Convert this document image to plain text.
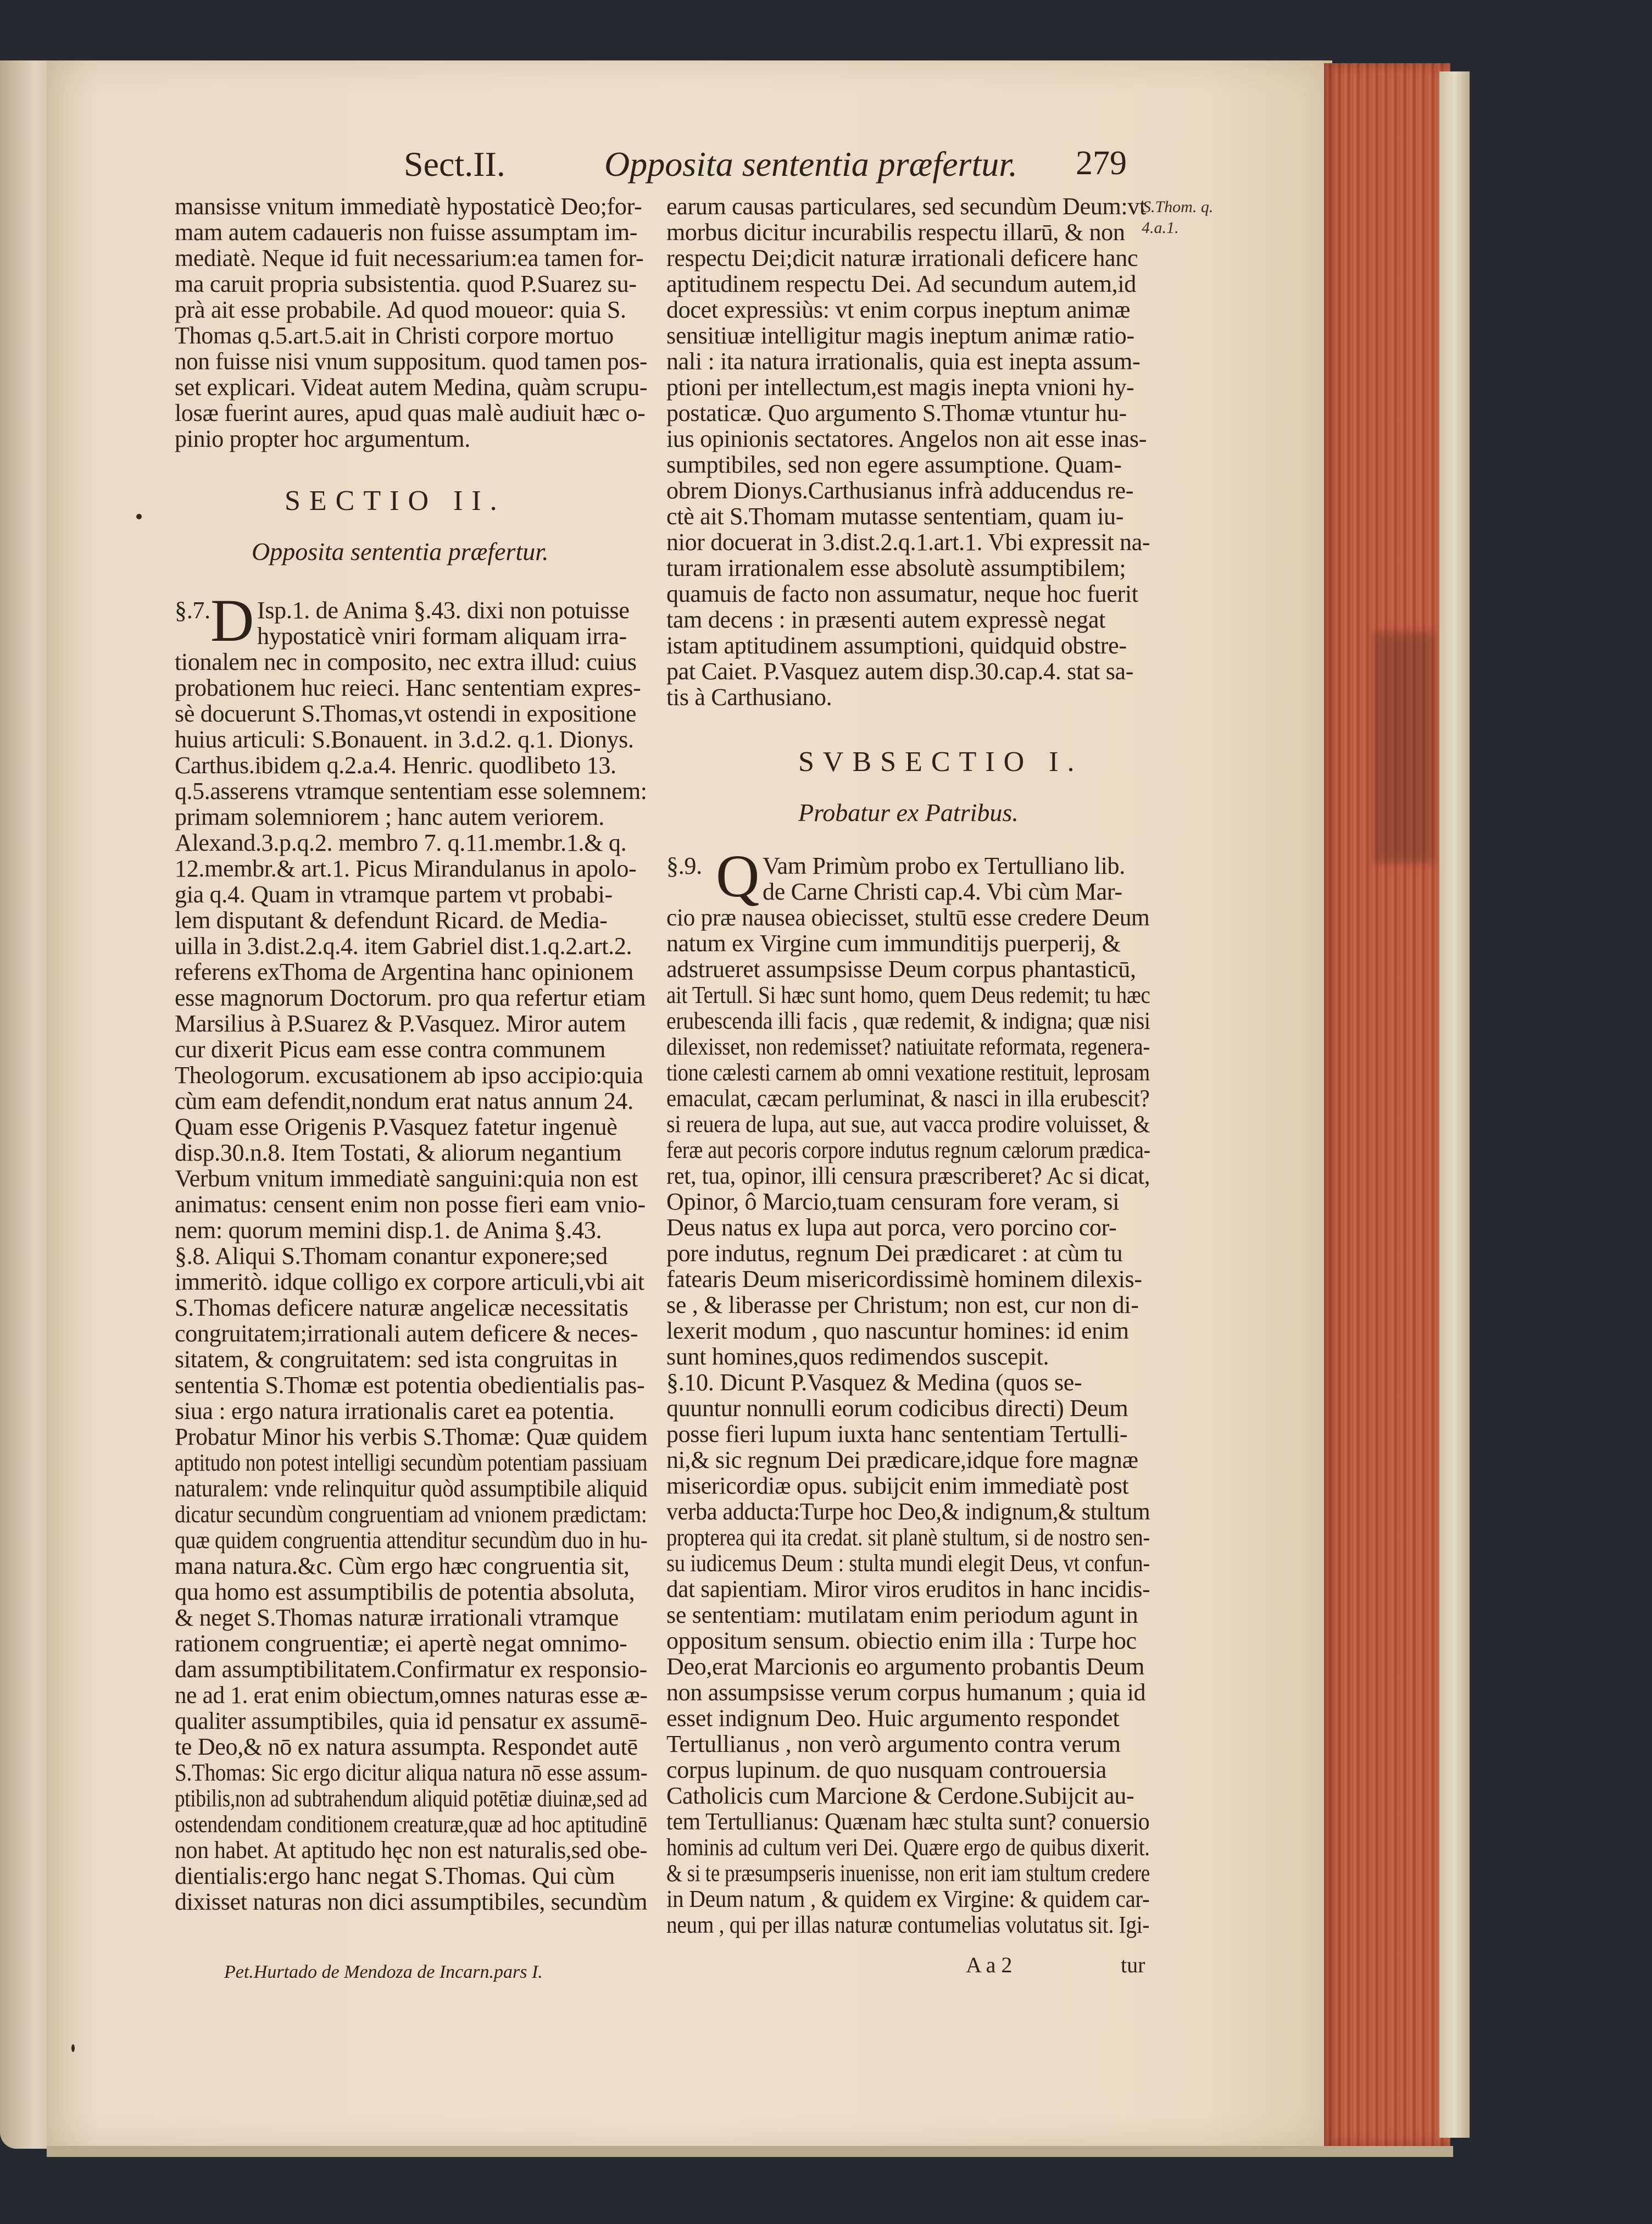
Sect.II.	Opposita sententia præfertur. 279
S.Thom. q.
4.a.1.
mansisse vnitum immediatè hypostaticè Deo;for-
mam autem cadaueris non fuisse assumptam im-
mediatè. Neque id fuit necessarium:ea tamen for-
ma caruit propria subsistentia. quod P.Suarez su-
prà ait esse probabile. Ad quod moueor: quia S.
Thomas q.5.art.5.ait in Christi corpore mortuo
non fuisse nisi vnum suppositum. quod tamen pos-
set explicari. Videat autem Medina, quàm scrupu-
losæ fuerint aures, apud quas malè audiuit hæc o-
pinio propter hoc argumentum.
SECTIO II.
Opposita sententia præfertur.
§.7. D Isp.1. de Anima §.43. dixi non potuisse
hypostaticè vniri formam aliquam irra-
tionalem nec in composito, nec extra illud: cuius
probationem huc reieci. Hanc sententiam expres-
sè docuerunt S.Thomas,vt ostendi in expositione
huius articuli: S.Bonauent. in 3.d.2. q.1. Dionys.
Carthus.ibidem q.2.a.4. Henric. quodlibeto 13.
q.5.asserens vtramque sententiam esse solemnem:
primam solemniorem ; hanc autem veriorem.
Alexand.3.p.q.2. membro 7. q.11.membr.1.& q.
12.membr.& art.1. Picus Mirandulanus in apolo-
gia q.4. Quam in vtramque partem vt probabi-
lem disputant & defendunt Ricard. de Media-
uilla in 3.dist.2.q.4. item Gabriel dist.1.q.2.art.2.
referens exThoma de Argentina hanc opinionem
esse magnorum Doctorum. pro qua refertur etiam
Marsilius à P.Suarez & P.Vasquez. Miror autem
cur dixerit Picus eam esse contra communem
Theologorum. excusationem ab ipso accipio:quia
cùm eam defendit,nondum erat natus annum 24.
Quam esse Origenis P.Vasquez fatetur ingenuè
disp.30.n.8. Item Tostati, & aliorum negantium
Verbum vnitum immediatè sanguini:quia non est
animatus: censent enim non posse fieri eam vnio-
nem: quorum memini disp.1. de Anima §.43.
§.8. Aliqui S.Thomam conantur exponere;sed
immeritò. idque colligo ex corpore articuli,vbi ait
S.Thomas deficere naturæ angelicæ necessitatis
congruitatem;irrationali autem deficere & neces-
sitatem, & congruitatem: sed ista congruitas in
sententia S.Thomæ est potentia obedientialis pas-
siua : ergo natura irrationalis caret ea potentia.
Probatur Minor his verbis S.Thomæ: Quæ quidem
aptitudo non potest intelligi secundùm potentiam passiuam
naturalem: vnde relinquitur quòd assumptibile aliquid
dicatur secundùm congruentiam ad vnionem prædictam:
quæ quidem congruentia attenditur secundùm duo in hu-
mana natura.&c. Cùm ergo hæc congruentia sit,
qua homo est assumptibilis de potentia absoluta,
& neget S.Thomas naturæ irrationali vtramque
rationem congruentiæ; ei apertè negat omnimo-
dam assumptibilitatem.Confirmatur ex responsio-
ne ad 1. erat enim obiectum,omnes naturas esse æ-
qualiter assumptibiles, quia id pensatur ex assumē-
te Deo,& nō ex natura assumpta. Respondet autē
S.Thomas: Sic ergo dicitur aliqua natura nō esse assum-
ptibilis,non ad subtrahendum aliquid potētiæ diuinæ,sed ad
ostendendam conditionem creaturæ,quæ ad hoc aptitudinē
non habet. At aptitudo hęc non est naturalis,sed obe-
dientialis:ergo hanc negat S.Thomas. Qui cùm
dixisset naturas non dici assumptibiles, secundùm
earum causas particulares, sed secundùm Deum:vt
morbus dicitur incurabilis respectu illarū, & non
respectu Dei;dicit naturæ irrationali deficere hanc
aptitudinem respectu Dei. Ad secundum autem,id
docet expressiùs: vt enim corpus ineptum animæ
sensitiuæ intelligitur magis ineptum animæ ratio-
nali : ita natura irrationalis, quia est inepta assum-
ptioni per intellectum,est magis inepta vnioni hy-
postaticæ. Quo argumento S.Thomæ vtuntur hu-
ius opinionis sectatores. Angelos non ait esse inas-
sumptibiles, sed non egere assumptione. Quam-
obrem Dionys.Carthusianus infrà adducendus re-
ctè ait S.Thomam mutasse sententiam, quam iu-
nior docuerat in 3.dist.2.q.1.art.1. Vbi expressit na-
turam irrationalem esse absolutè assumptibilem;
quamuis de facto non assumatur, neque hoc fuerit
tam decens : in præsenti autem expressè negat
istam aptitudinem assumptioni, quidquid obstre-
pat Caiet. P.Vasquez autem disp.30.cap.4. stat sa-
tis à Carthusiano.
SVBSECTIO I.
Probatur ex Patribus.
§.9. Q Vam Primùm probo ex Tertulliano lib.
de Carne Christi cap.4. Vbi cùm Mar-
cio præ nausea obiecisset, stultū esse credere Deum
natum ex Virgine cum immunditijs puerperij, &
adstrueret assumpsisse Deum corpus phantasticū,
ait Tertull. Si hæc sunt homo, quem Deus redemit; tu hæc
erubescenda illi facis , quæ redemit, & indigna; quæ nisi
dilexisset, non redemisset? natiuitate reformata, regenera-
tione cælesti carnem ab omni vexatione restituit, leprosam
emaculat, cæcam perluminat, & nasci in illa erubescit?
si reuera de lupa, aut sue, aut vacca prodire voluisset, &
feræ aut pecoris corpore indutus regnum cælorum prædica-
ret, tua, opinor, illi censura præscriberet? Ac si dicat,
Opinor, ô Marcio,tuam censuram fore veram, si
Deus natus ex lupa aut porca, vero porcino cor-
pore indutus, regnum Dei prædicaret : at cùm tu
fatearis Deum misericordissimè hominem dilexis-
se , & liberasse per Christum; non est, cur non di-
lexerit modum , quo nascuntur homines: id enim
sunt homines,quos redimendos suscepit.
§.10. Dicunt P.Vasquez & Medina (quos se-
quuntur nonnulli eorum codicibus directi) Deum
posse fieri lupum iuxta hanc sententiam Tertulli-
ni,& sic regnum Dei prædicare,idque fore magnæ
misericordiæ opus. subijcit enim immediatè post
verba adducta:Turpe hoc Deo,& indignum,& stultum
propterea qui ita credat. sit planè stultum, si de nostro sen-
su iudicemus Deum : stulta mundi elegit Deus, vt confun-
dat sapientiam. Miror viros eruditos in hanc incidis-
se sententiam: mutilatam enim periodum agunt in
oppositum sensum. obiectio enim illa : Turpe hoc
Deo,erat Marcionis eo argumento probantis Deum
non assumpsisse verum corpus humanum ; quia id
esset indignum Deo. Huic argumento respondet
Tertullianus , non verò argumento contra verum
corpus lupinum. de quo nusquam controuersia
Catholicis cum Marcione & Cerdone.Subijcit au-
tem Tertullianus: Quænam hæc stulta sunt? conuersio
hominis ad cultum veri Dei. Quære ergo de quibus dixerit.
& si te præsumpseris inuenisse, non erit iam stultum credere
in Deum natum , & quidem ex Virgine: & quidem car-
neum , qui per illas naturæ contumelias volutatus sit. Igi-
Pet.Hurtado de Mendoza de Incarn.pars I.	A a 2	tur
